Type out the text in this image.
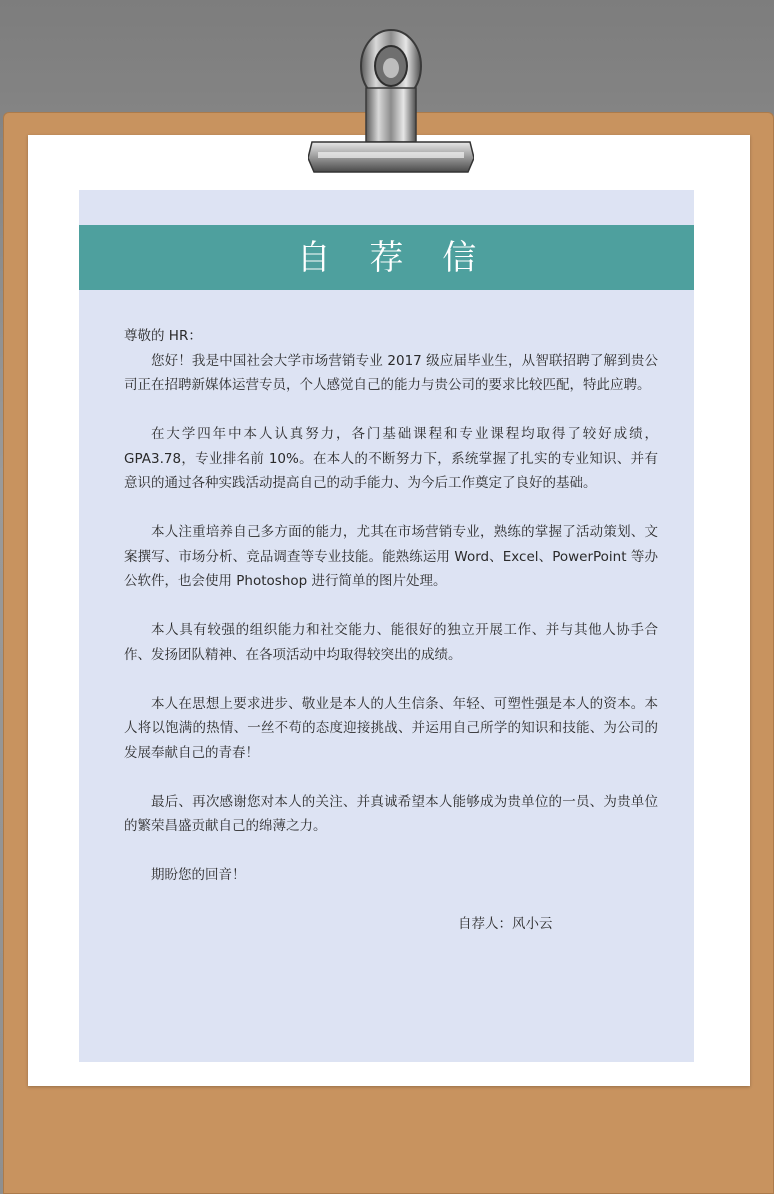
自 荐 信

尊敬的 HR：

您好！我是中国社会大学市场营销专业 2017 级应届毕业生，从智联招聘了解到贵公司正在招聘新媒体运营专员，个人感觉自己的能力与贵公司的要求比较匹配，特此应聘。

在大学四年中本人认真努力，各门基础课程和专业课程均取得了较好成绩，GPA3.78，专业排名前 10%。在本人的不断努力下，系统掌握了扎实的专业知识、并有意识的通过各种实践活动提高自己的动手能力、为今后工作奠定了良好的基础。

本人注重培养自己多方面的能力，尤其在市场营销专业，熟练的掌握了活动策划、文案撰写、市场分析、竞品调查等专业技能。能熟练运用 Word、Excel、PowerPoint 等办公软件，也会使用 Photoshop 进行简单的图片处理。

本人具有较强的组织能力和社交能力、能很好的独立开展工作、并与其他人协手合作、发扬团队精神、在各项活动中均取得较突出的成绩。

本人在思想上要求进步、敬业是本人的人生信条、年轻、可塑性强是本人的资本。本人将以饱满的热情、一丝不苟的态度迎接挑战、并运用自己所学的知识和技能、为公司的发展奉献自己的青春！

最后、再次感谢您对本人的关注、并真诚希望本人能够成为贵单位的一员、为贵单位的繁荣昌盛贡献自己的绵薄之力。

期盼您的回音！

自荐人：风小云
